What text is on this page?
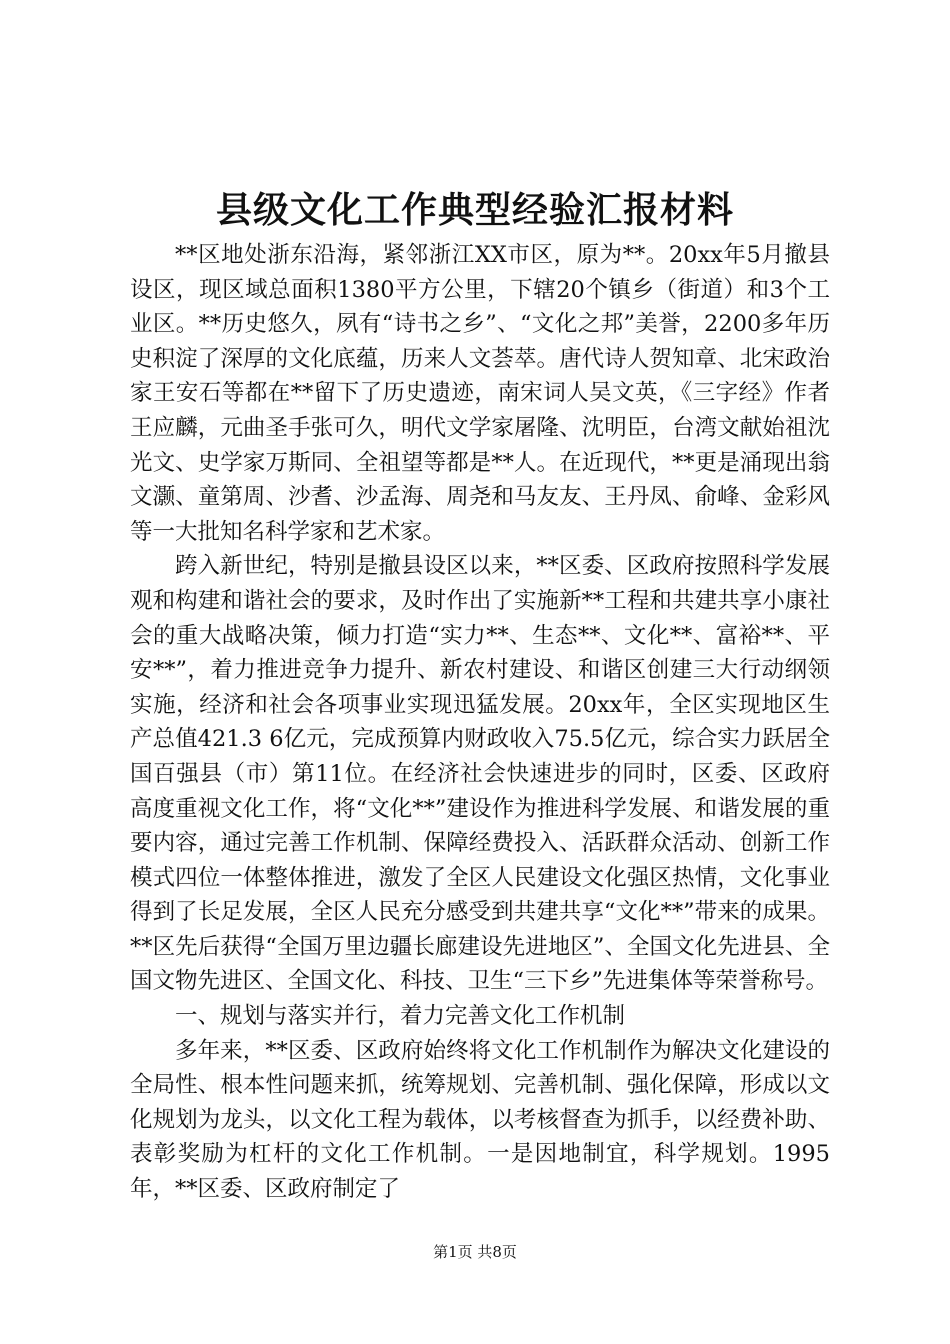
县级文化工作典型经验汇报材料

**区地处浙东沿海，紧邻浙江XX市区，原为**。20xx年5月撤县设区，现区域总面积1380平方公里，下辖20个镇乡（街道）和3个工业区。**历史悠久，夙有“诗书之乡”、“文化之邦”美誉，2200多年历史积淀了深厚的文化底蕴，历来人文荟萃。唐代诗人贺知章、北宋政治家王安石等都在**留下了历史遗迹，南宋词人吴文英，《三字经》作者王应麟，元曲圣手张可久，明代文学家屠隆、沈明臣，台湾文献始祖沈光文、史学家万斯同、全祖望等都是**人。在近现代，**更是涌现出翁文灏、童第周、沙耆、沙孟海、周尧和马友友、王丹凤、俞峰、金彩风等一大批知名科学家和艺术家。

跨入新世纪，特别是撤县设区以来，**区委、区政府按照科学发展观和构建和谐社会的要求，及时作出了实施新**工程和共建共享小康社会的重大战略决策，倾力打造“实力**、生态**、文化**、富裕**、平安**”，着力推进竞争力提升、新农村建设、和谐区创建三大行动纲领实施，经济和社会各项事业实现迅猛发展。20xx年，全区实现地区生产总值421.3 6亿元，完成预算内财政收入75.5亿元，综合实力跃居全国百强县（市）第11位。在经济社会快速进步的同时，区委、区政府高度重视文化工作，将“文化**”建设作为推进科学发展、和谐发展的重要内容，通过完善工作机制、保障经费投入、活跃群众活动、创新工作模式四位一体整体推进，激发了全区人民建设文化强区热情，文化事业得到了长足发展，全区人民充分感受到共建共享“文化**”带来的成果。**区先后获得“全国万里边疆长廊建设先进地区”、全国文化先进县、全国文物先进区、全国文化、科技、卫生“三下乡”先进集体等荣誉称号。

一、规划与落实并行，着力完善文化工作机制

多年来，**区委、区政府始终将文化工作机制作为解决文化建设的全局性、根本性问题来抓，统筹规划、完善机制、强化保障，形成以文化规划为龙头，以文化工程为载体，以考核督查为抓手，以经费补助、表彰奖励为杠杆的文化工作机制。一是因地制宜，科学规划。1995年，**区委、区政府制定了

第1页 共8页
